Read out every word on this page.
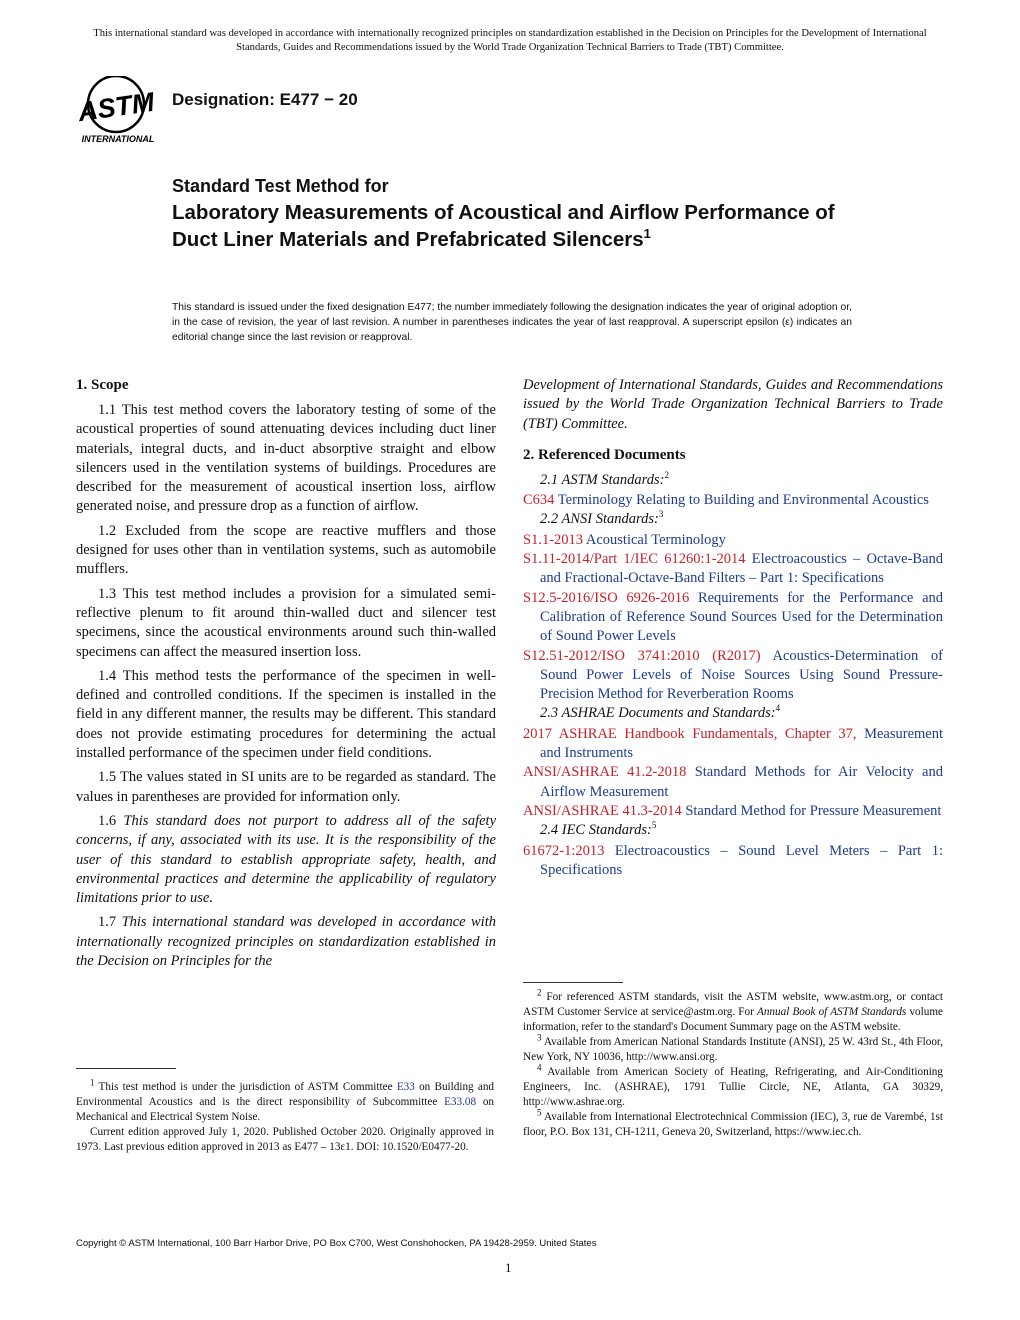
This international standard was developed in accordance with internationally recognized principles on standardization established in the Decision on Principles for the Development of International Standards, Guides and Recommendations issued by the World Trade Organization Technical Barriers to Trade (TBT) Committee.
ASTM
INTERNATIONAL
Designation: E477 − 20
Standard Test Method for
Laboratory Measurements of Acoustical and Airflow Performance of Duct Liner Materials and Prefabricated Silencers$^1$
This standard is issued under the fixed designation E477; the number immediately following the designation indicates the year of original adoption or, in the case of revision, the year of last revision. A number in parentheses indicates the year of last reapproval. A superscript epsilon (ε) indicates an editorial change since the last revision or reapproval.
1. Scope

1.1 This test method covers the laboratory testing of some of the acoustical properties of sound attenuating devices including duct liner materials, integral ducts, and in-duct absorptive straight and elbow silencers used in the ventilation systems of buildings. Procedures are described for the measurement of acoustical insertion loss, airflow generated noise, and pressure drop as a function of airflow.

1.2 Excluded from the scope are reactive mufflers and those designed for uses other than in ventilation systems, such as automobile mufflers.

1.3 This test method includes a provision for a simulated semi-reflective plenum to fit around thin-walled duct and silencer test specimens, since the acoustical environments around such thin-walled specimens can affect the measured insertion loss.

1.4 This method tests the performance of the specimen in well-defined and controlled conditions. If the specimen is installed in the field in any different manner, the results may be different. This standard does not provide estimating procedures for determining the actual installed performance of the specimen under field conditions.

1.5 The values stated in SI units are to be regarded as standard. The values in parentheses are provided for information only.

1.6 This standard does not purport to address all of the safety concerns, if any, associated with its use. It is the responsibility of the user of this standard to establish appropriate safety, health, and environmental practices and determine the applicability of regulatory limitations prior to use.

1.7 This international standard was developed in accordance with internationally recognized principles on standardization established in the Decision on Principles for the

Development of International Standards, Guides and Recommendations issued by the World Trade Organization Technical Barriers to Trade (TBT) Committee.

2. Referenced Documents
2.1 ASTM Standards:$^2$
C634 Terminology Relating to Building and Environmental Acoustics
2.2 ANSI Standards:$^3$
S1.1-2013 Acoustical Terminology
S1.11-2014/Part 1/IEC 61260:1-2014 Electroacoustics – Octave-Band and Fractional-Octave-Band Filters – Part 1: Specifications
S12.5-2016/ISO 6926-2016 Requirements for the Performance and Calibration of Reference Sound Sources Used for the Determination of Sound Power Levels
S12.51-2012/ISO 3741:2010 (R2017) Acoustics-Determination of Sound Power Levels of Noise Sources Using Sound Pressure-Precision Method for Reverberation Rooms
2.3 ASHRAE Documents and Standards:$^4$
2017 ASHRAE Handbook Fundamentals, Chapter 37, Measurement and Instruments
ANSI/ASHRAE 41.2-2018 Standard Methods for Air Velocity and Airflow Measurement
ANSI/ASHRAE 41.3-2014 Standard Method for Pressure Measurement
2.4 IEC Standards:$^5$
61672-1:2013 Electroacoustics – Sound Level Meters – Part 1: Specifications

$^1$ This test method is under the jurisdiction of ASTM Committee E33 on Building and Environmental Acoustics and is the direct responsibility of Subcommittee E33.08 on Mechanical and Electrical System Noise.

Current edition approved July 1, 2020. Published October 2020. Originally approved in 1973. Last previous edition approved in 2013 as E477 – 13ε1. DOI: 10.1520/E0477-20.

$^2$ For referenced ASTM standards, visit the ASTM website, www.astm.org, or contact ASTM Customer Service at service@astm.org. For Annual Book of ASTM Standards volume information, refer to the standard's Document Summary page on the ASTM website.

$^3$ Available from American National Standards Institute (ANSI), 25 W. 43rd St., 4th Floor, New York, NY 10036, http://www.ansi.org.

$^4$ Available from American Society of Heating, Refrigerating, and Air-Conditioning Engineers, Inc. (ASHRAE), 1791 Tullie Circle, NE, Atlanta, GA 30329, http://www.ashrae.org.

$^5$ Available from International Electrotechnical Commission (IEC), 3, rue de Varembé, 1st floor, P.O. Box 131, CH-1211, Geneva 20, Switzerland, https://www.iec.ch.

Copyright © ASTM International, 100 Barr Harbor Drive, PO Box C700, West Conshohocken, PA 19428-2959. United States
1
